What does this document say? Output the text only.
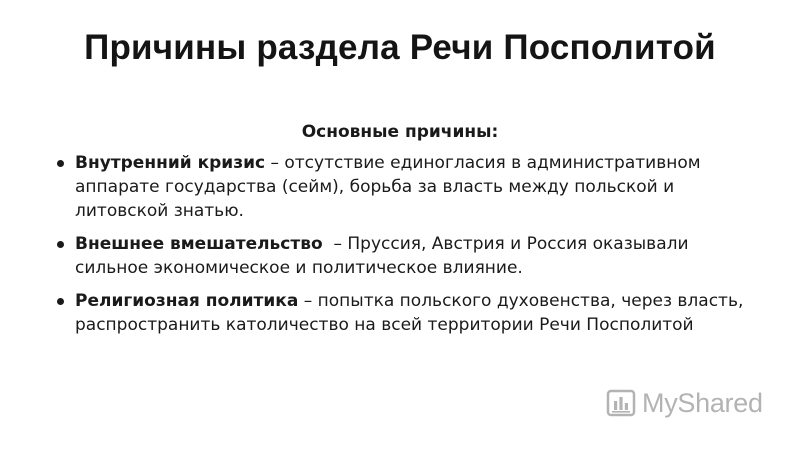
Причины раздела Речи Посполитой
Основные причины:
Внутренний кризис – отсутствие единогласия в административном аппарате государства (сейм), борьба за власть между польской и литовской знатью.
Внешнее вмешательство  – Пруссия, Австрия и Россия оказывали сильное экономическое и политическое влияние.
Религиозная политика – попытка польского духовенства, через власть, распространить католичество на всей территории Речи Посполитой
MyShared
